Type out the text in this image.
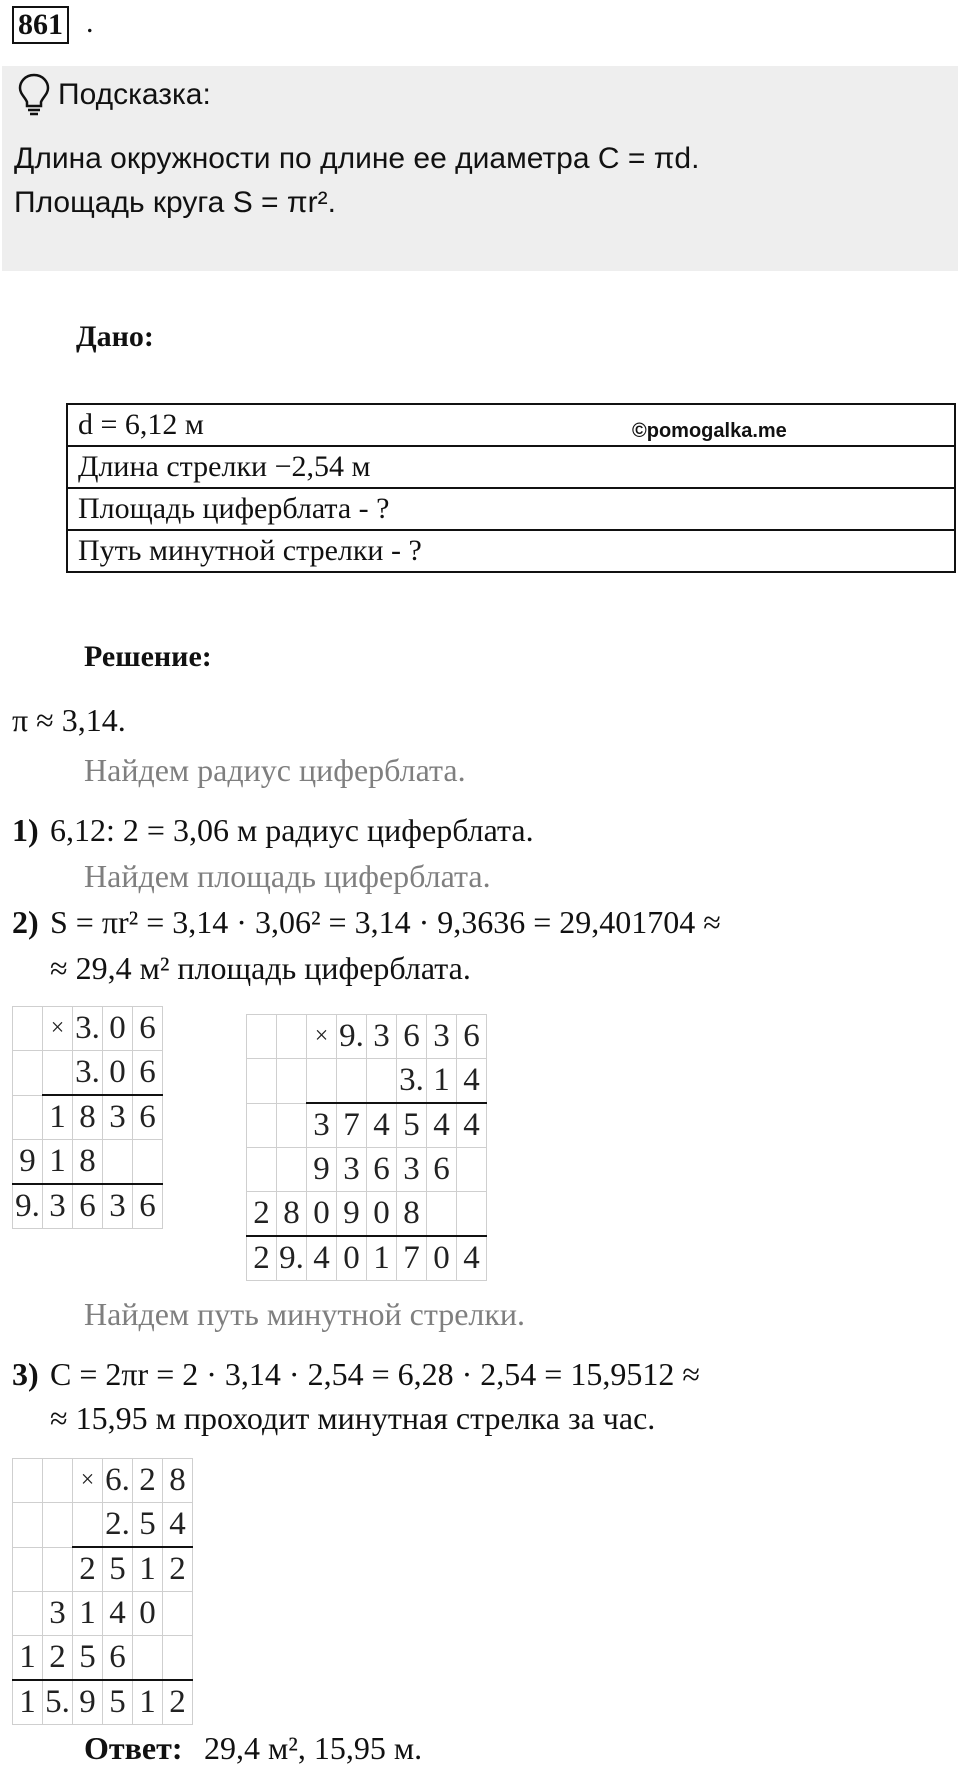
861 .
Подсказка:
Длина окружности по длине ее диаметра C = πd.
Площадь круга S = πr².
Дано:
d = 6,12 м
Длина стрелки −2,54 м
Площадь циферблата - ?
Путь минутной стрелки - ?
©pomogalka.me
Решение:
π ≈ 3,14.
Найдем радиус циферблата.
1) 6,12: 2 = 3,06 м радиус циферблата.
Найдем площадь циферблата.
2) S = πr² = 3,14 · 3,06² = 3,14 · 9,3636 = 29,401704 ≈
≈ 29,4 м² площадь циферблата.
	×	3.	0	6
		3.	0	6
	1	8	3	6
9	1	8		
9.	3	6	3	6
		×	9.	3	6	3	6
					3.	1	4
		3	7	4	5	4	4
		9	3	6	3	6	
2	8	0	9	0	8		
2	9.	4	0	1	7	0	4
Найдем путь минутной стрелки.
3) C = 2πr = 2 · 3,14 · 2,54 = 6,28 · 2,54 = 15,9512 ≈
≈ 15,95 м проходит минутная стрелка за час.
		×	6.	2	8
			2.	5	4
		2	5	1	2
	3	1	4	0	
1	2	5	6		
1	5.	9	5	1	2
Ответ: 29,4 м², 15,95 м.
